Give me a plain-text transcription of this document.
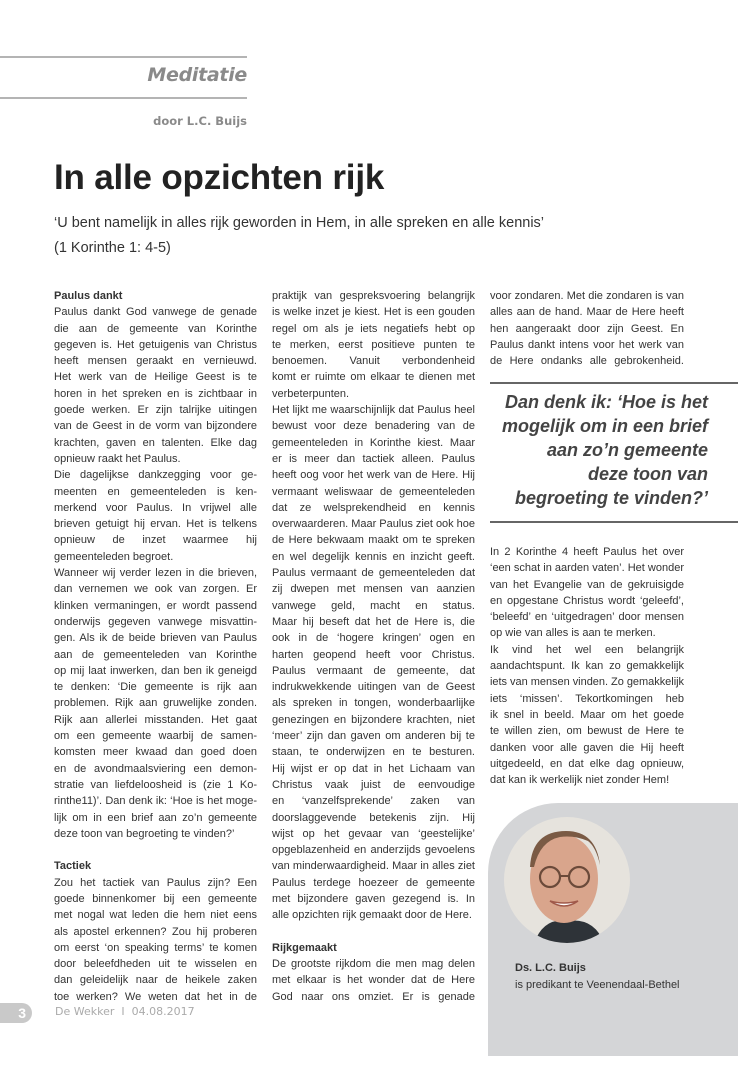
Meditatie
door L.C. Buijs
In alle opzichten rijk
‘U bent namelijk in alles rijk geworden in Hem, in alle spreken en alle kennis’
(1 Korinthe 1: 4-5)
Paulus dankt
Paulus dankt God vanwege de genade
die aan de gemeente van Korinthe
gegeven is. Het getuigenis van Christus
heeft mensen geraakt en vernieuwd.
Het werk van de Heilige Geest is te
horen in het spreken en is zichtbaar in
goede werken. Er zijn talrijke uitingen
van de Geest in de vorm van bijzondere
krachten, gaven en talenten. Elke dag
opnieuw raakt het Paulus.
Die dagelijkse dankzegging voor ge-
meenten en gemeenteleden is ken-
merkend voor Paulus. In vrijwel alle
brieven getuigt hij ervan. Het is telkens
opnieuw de inzet waarmee hij
gemeenteleden begroet.
Wanneer wij verder lezen in die brieven,
dan vernemen we ook van zorgen. Er
klinken vermaningen, er wordt passend
onderwijs gegeven vanwege misvattin-
gen. Als ik de beide brieven van Paulus
aan de gemeenteleden van Korinthe
op mij laat inwerken, dan ben ik geneigd
te denken: ‘Die gemeente is rijk aan
problemen. Rijk aan gruwelijke zonden.
Rijk aan allerlei misstanden. Het gaat
om een gemeente waarbij de samen-
komsten meer kwaad dan goed doen
en de avondmaalsviering een demon-
stratie van liefdeloosheid is (zie 1 Ko-
rinthe11)’. Dan denk ik: ‘Hoe is het moge-
lijk om in een brief aan zo’n gemeente
deze toon van begroeting te vinden?’
Tactiek
Zou het tactiek van Paulus zijn? Een
goede binnenkomer bij een gemeente
met nogal wat leden die hem niet eens
als apostel erkennen? Zou hij proberen
om eerst ‘on speaking terms’ te komen
door beleefdheden uit te wisselen en
dan geleidelijk naar de heikele zaken
toe werken? We weten dat het in de
praktijk van gespreksvoering belangrijk
is welke inzet je kiest. Het is een gouden
regel om als je iets negatiefs hebt op
te merken, eerst positieve punten te
benoemen. Vanuit verbondenheid
komt er ruimte om elkaar te dienen met
verbeterpunten.
Het lijkt me waarschijnlijk dat Paulus heel
bewust voor deze benadering van de
gemeenteleden in Korinthe kiest. Maar
er is meer dan tactiek alleen. Paulus
heeft oog voor het werk van de Here. Hij
vermaant weliswaar de gemeenteleden
dat ze welsprekendheid en kennis
overwaarderen. Maar Paulus ziet ook hoe
de Here bekwaam maakt om te spreken
en wel degelijk kennis en inzicht geeft.
Paulus vermaant de gemeenteleden dat
zij dwepen met mensen van aanzien
vanwege geld, macht en status.
Maar hij beseft dat het de Here is, die
ook in de ‘hogere kringen’ ogen en
harten geopend heeft voor Christus.
Paulus vermaant de gemeente, dat
indrukwekkende uitingen van de Geest
als spreken in tongen, wonderbaarlijke
genezingen en bijzondere krachten, niet
‘meer’ zijn dan gaven om anderen bij te
staan, te onderwijzen en te besturen.
Hij wijst er op dat in het Lichaam van
Christus vaak juist de eenvoudige
en ‘vanzelfsprekende’ zaken van
doorslaggevende betekenis zijn. Hij
wijst op het gevaar van ‘geestelijke’
opgeblazenheid en anderzijds gevoelens
van minderwaardigheid. Maar in alles ziet
Paulus terdege hoezeer de gemeente
met bijzondere gaven gezegend is. In
alle opzichten rijk gemaakt door de Here.
Rijkgemaakt
De grootste rijkdom die men mag delen
met elkaar is het wonder dat de Here
God naar ons omziet. Er is genade
voor zondaren. Met die zondaren is van
alles aan de hand. Maar de Here heeft
hen aangeraakt door zijn Geest. En
Paulus dankt intens voor het werk van
de Here ondanks alle gebrokenheid.
Dan denk ik: ‘Hoe is het
mogelijk om in een brief
aan zo’n gemeente
deze toon van
begroeting te vinden?’
In 2 Korinthe 4 heeft Paulus het over
‘een schat in aarden vaten’. Het wonder
van het Evangelie van de gekruisigde
en opgestane Christus wordt ‘geleefd’,
‘beleefd’ en ‘uitgedragen’ door mensen
op wie van alles is aan te merken.
Ik vind het wel een belangrijk
aandachtspunt. Ik kan zo gemakkelijk
iets van mensen vinden. Zo gemakkelijk
iets ‘missen’. Tekortkomingen heb
ik snel in beeld. Maar om het goede
te willen zien, om bewust de Here te
danken voor alle gaven die Hij heeft
uitgedeeld, en dat elke dag opnieuw,
dat kan ik werkelijk niet zonder Hem!
Ds. L.C. Buijs
is predikant te Veenendaal-Bethel
3	De Wekker  I  04.08.2017
